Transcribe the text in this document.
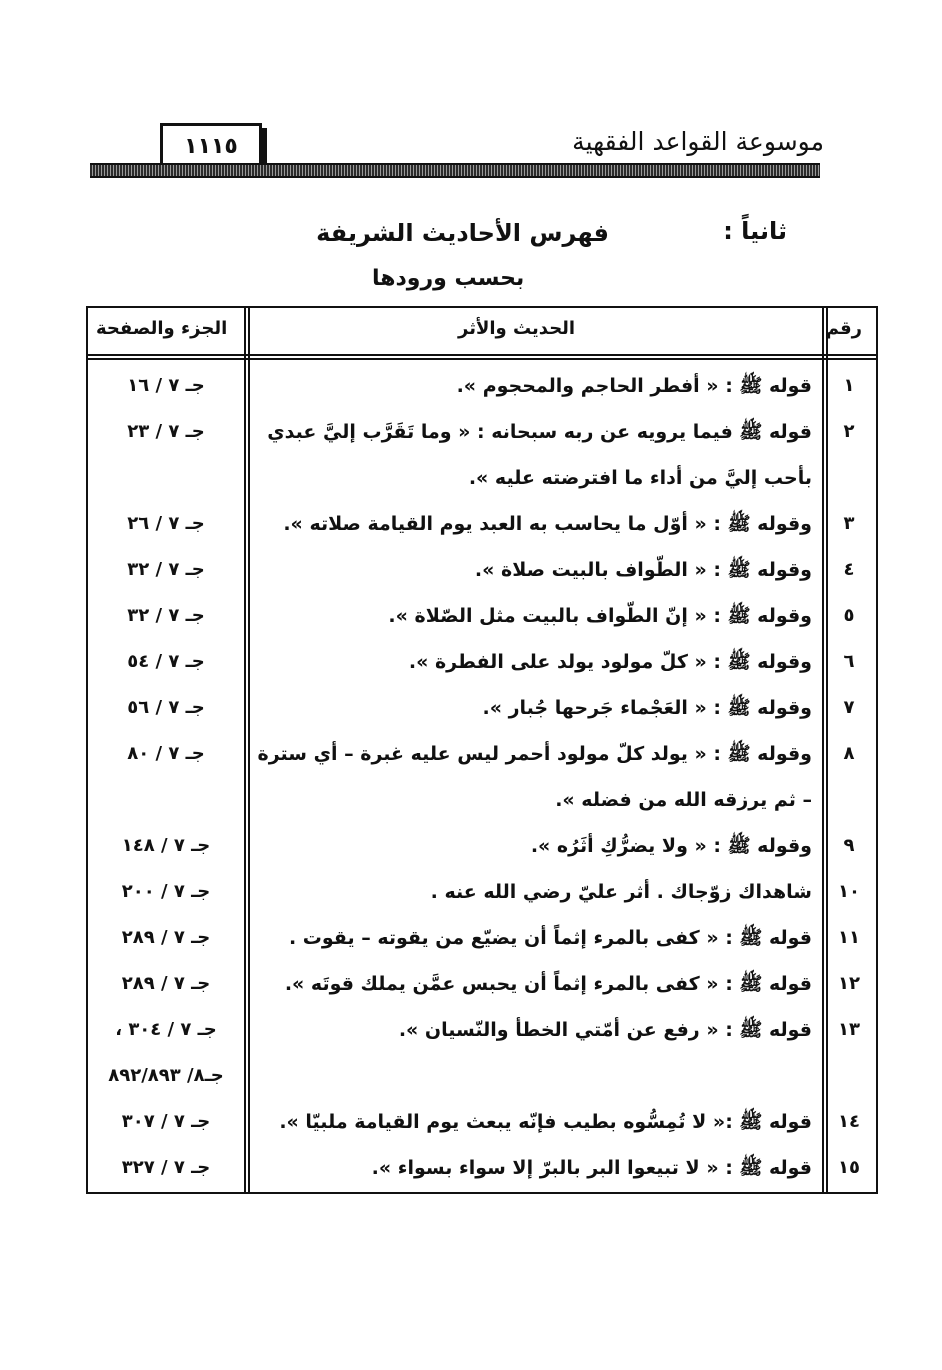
موسوعة القواعد الفقهية
١١١٥
ثانياً :
فهرس الأحاديث الشريفة
بحسب ورودها
رقم
الحديث والأثر
الجزء والصفحة
١
قوله ﷺ : « أفطر الحاجم والمحجوم ».
جـ ٧ / ١٦
٢
قوله ﷺ فيما يرويه عن ربه سبحانه : « وما تَقَرَّب إليَّ عبدي بأحب إليَّ من أداء ما افترضته عليه ».
جـ ٧ / ٢٣
٣
وقوله ﷺ : « أوّل ما يحاسب به العبد يوم القيامة صلاته ».
جـ ٧ / ٢٦
٤
وقوله ﷺ : « الطّواف بالبيت صلاة ».
جـ ٧ / ٣٢
٥
وقوله ﷺ : « إنّ الطّواف بالبيت مثل الصّلاة ».
جـ ٧ / ٣٢
٦
وقوله ﷺ : « كلّ مولود يولد على الفطرة ».
جـ ٧ / ٥٤
٧
وقوله ﷺ : « العَجْماء جَرحها جُبار ».
جـ ٧ / ٥٦
٨
وقوله ﷺ : « يولد كلّ مولود أحمر ليس عليه غبرة – أي سترة – ثم يرزقه الله من فضله ».
جـ ٧ / ٨٠
٩
وقوله ﷺ : « ولا يضرُّكِ أثَرُه ».
جـ ٧ / ١٤٨
١٠
شاهداك زوّجاك . أثر عليّ رضي الله عنه .
جـ ٧ / ٢٠٠
١١
قوله ﷺ : « كفى بالمرء إثماً أن يضيّع من يقوته – يقوت .
جـ ٧ / ٢٨٩
١٢
قوله ﷺ : « كفى بالمرء إثماً أن يحبس عمَّن يملك قوتَه ».
جـ ٧ / ٢٨٩
١٣
قوله ﷺ : « رفع عن أمّتي الخطأ والنّسيان ».
جـ ٧ / ٣٠٤ ،
جـ٨/ ٨٩٢/٨٩٣
١٤
قوله ﷺ :« لا تُمِسُّوه بطيب فإنّه يبعث يوم القيامة ملبيّا ».
جـ ٧ / ٣٠٧
١٥
قوله ﷺ : « لا تبيعوا البر بالبرّ إلا سواء بسواء ».
جـ ٧ / ٣٢٧
